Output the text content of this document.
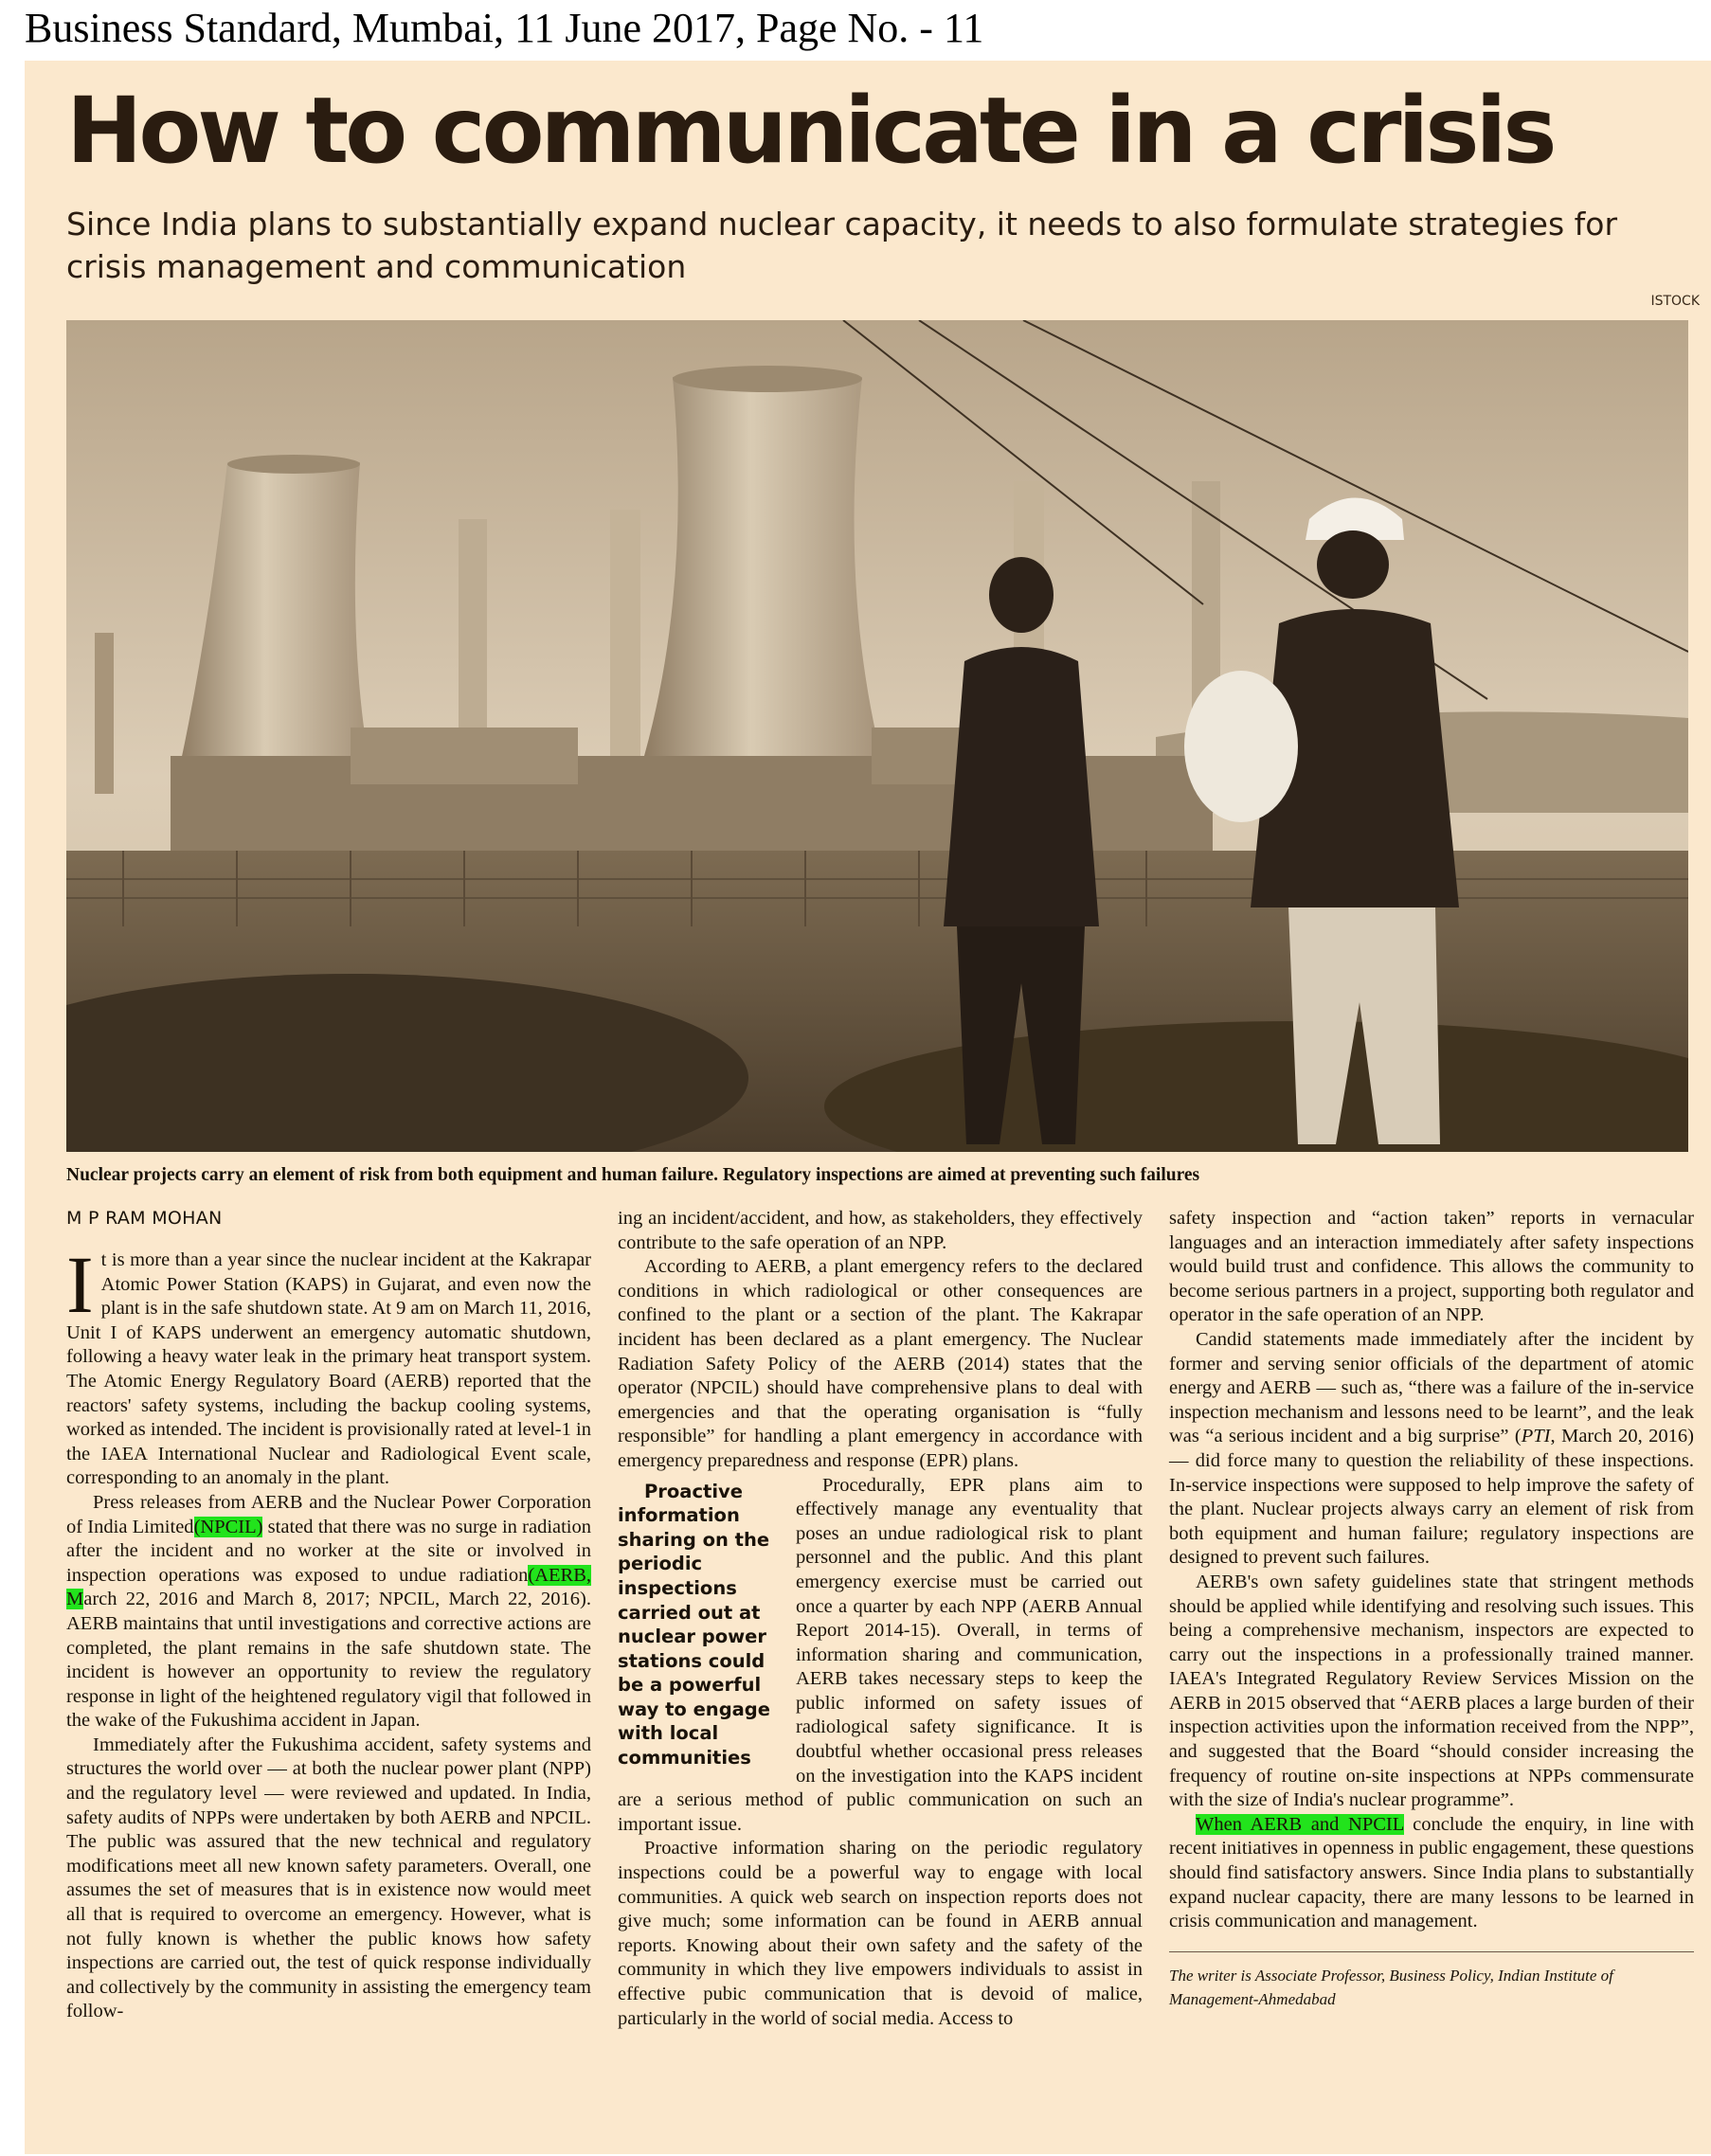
Business Standard, Mumbai, 11 June 2017, Page No. - 11
How to communicate in a crisis

Since India plans to substantially expand nuclear capacity, it needs to also formulate strategies for crisis management and communication

ISTOCK

Nuclear projects carry an element of risk from both equipment and human failure. Regulatory inspections are aimed at preventing such failures

M P RAM MOHAN

It is more than a year since the nuclear incident at the Kakrapar Atomic Power Station (KAPS) in Gujarat, and even now the plant is in the safe shutdown state. At 9 am on March 11, 2016, Unit I of KAPS underwent an emergency automatic shutdown, following a heavy water leak in the primary heat transport system. The Atomic Energy Regulatory Board (AERB) reported that the reactors' safety systems, including the backup cooling systems, worked as intended. The incident is provisionally rated at level-1 in the IAEA International Nuclear and Radiological Event scale, corresponding to an anomaly in the plant.

Press releases from AERB and the Nuclear Power Corporation of India Limited(NPCIL) stated that there was no surge in radiation after the incident and no worker at the site or involved in inspection operations was exposed to undue radiation(AERB, March 22, 2016 and March 8, 2017; NPCIL, March 22, 2016). AERB maintains that until investigations and corrective actions are completed, the plant remains in the safe shutdown state. The incident is however an opportunity to review the regulatory response in light of the heightened regulatory vigil that followed in the wake of the Fukushima accident in Japan.

Immediately after the Fukushima accident, safety systems and structures the world over — at both the nuclear power plant (NPP) and the regulatory level — were reviewed and updated. In India, safety audits of NPPs were undertaken by both AERB and NPCIL. The public was assured that the new technical and regulatory modifications meet all new known safety parameters. Overall, one assumes the set of measures that is in existence now would meet all that is required to overcome an emergency. However, what is not fully known is whether the public knows how safety inspections are carried out, the test of quick response individually and collectively by the community in assisting the emergency team follow-

ing an incident/accident, and how, as stakeholders, they effectively contribute to the safe operation of an NPP.

According to AERB, a plant emergency refers to the declared conditions in which radiological or other consequences are confined to the plant or a section of the plant. The Kakrapar incident has been declared as a plant emergency. The Nuclear Radiation Safety Policy of the AERB (2014) states that the operator (NPCIL) should have comprehensive plans to deal with emergencies and that the operating organisation is “fully responsible” for handling a plant emergency in accordance with emergency preparedness and response (EPR) plans.

Proactive information sharing on the periodic inspections carried out at nuclear power stations could be a powerful way to engage with local communities
Procedurally, EPR plans aim to effectively manage any eventuality that poses an undue radiological risk to plant personnel and the public. And this plant emergency exercise must be carried out once a quarter by each NPP (AERB Annual Report 2014-15). Overall, in terms of information sharing and communication, AERB takes necessary steps to keep the public informed on safety issues of radiological safety significance. It is doubtful whether occasional press releases on the investigation into the KAPS incident are a serious method of public communication on such an important issue.

Proactive information sharing on the periodic regulatory inspections could be a powerful way to engage with local communities. A quick web search on inspection reports does not give much; some information can be found in AERB annual reports. Knowing about their own safety and the safety of the community in which they live empowers individuals to assist in effective pubic communication that is devoid of malice, particularly in the world of social media. Access to

safety inspection and “action taken” reports in vernacular languages and an interaction immediately after safety inspections would build trust and confidence. This allows the community to become serious partners in a project, supporting both regulator and operator in the safe operation of an NPP.

Candid statements made immediately after the incident by former and serving senior officials of the department of atomic energy and AERB — such as, “there was a failure of the in-service inspection mechanism and lessons need to be learnt”, and the leak was “a serious incident and a big surprise” (PTI, March 20, 2016) — did force many to question the reliability of these inspections. In-service inspections were supposed to help improve the safety of the plant. Nuclear projects always carry an element of risk from both equipment and human failure; regulatory inspections are designed to prevent such failures.

AERB's own safety guidelines state that stringent methods should be applied while identifying and resolving such issues. This being a comprehensive mechanism, inspectors are expected to carry out the inspections in a professionally trained manner. IAEA's Integrated Regulatory Review Services Mission on the AERB in 2015 observed that “AERB places a large burden of their inspection activities upon the information received from the NPP”, and suggested that the Board “should consider increasing the frequency of routine on-site inspections at NPPs commensurate with the size of India's nuclear programme”.

When AERB and NPCIL conclude the enquiry, in line with recent initiatives in openness in public engagement, these questions should find satisfactory answers. Since India plans to substantially expand nuclear capacity, there are many lessons to be learned in crisis communication and management.

The writer is Associate Professor, Business Policy, Indian Institute of Management-Ahmedabad
